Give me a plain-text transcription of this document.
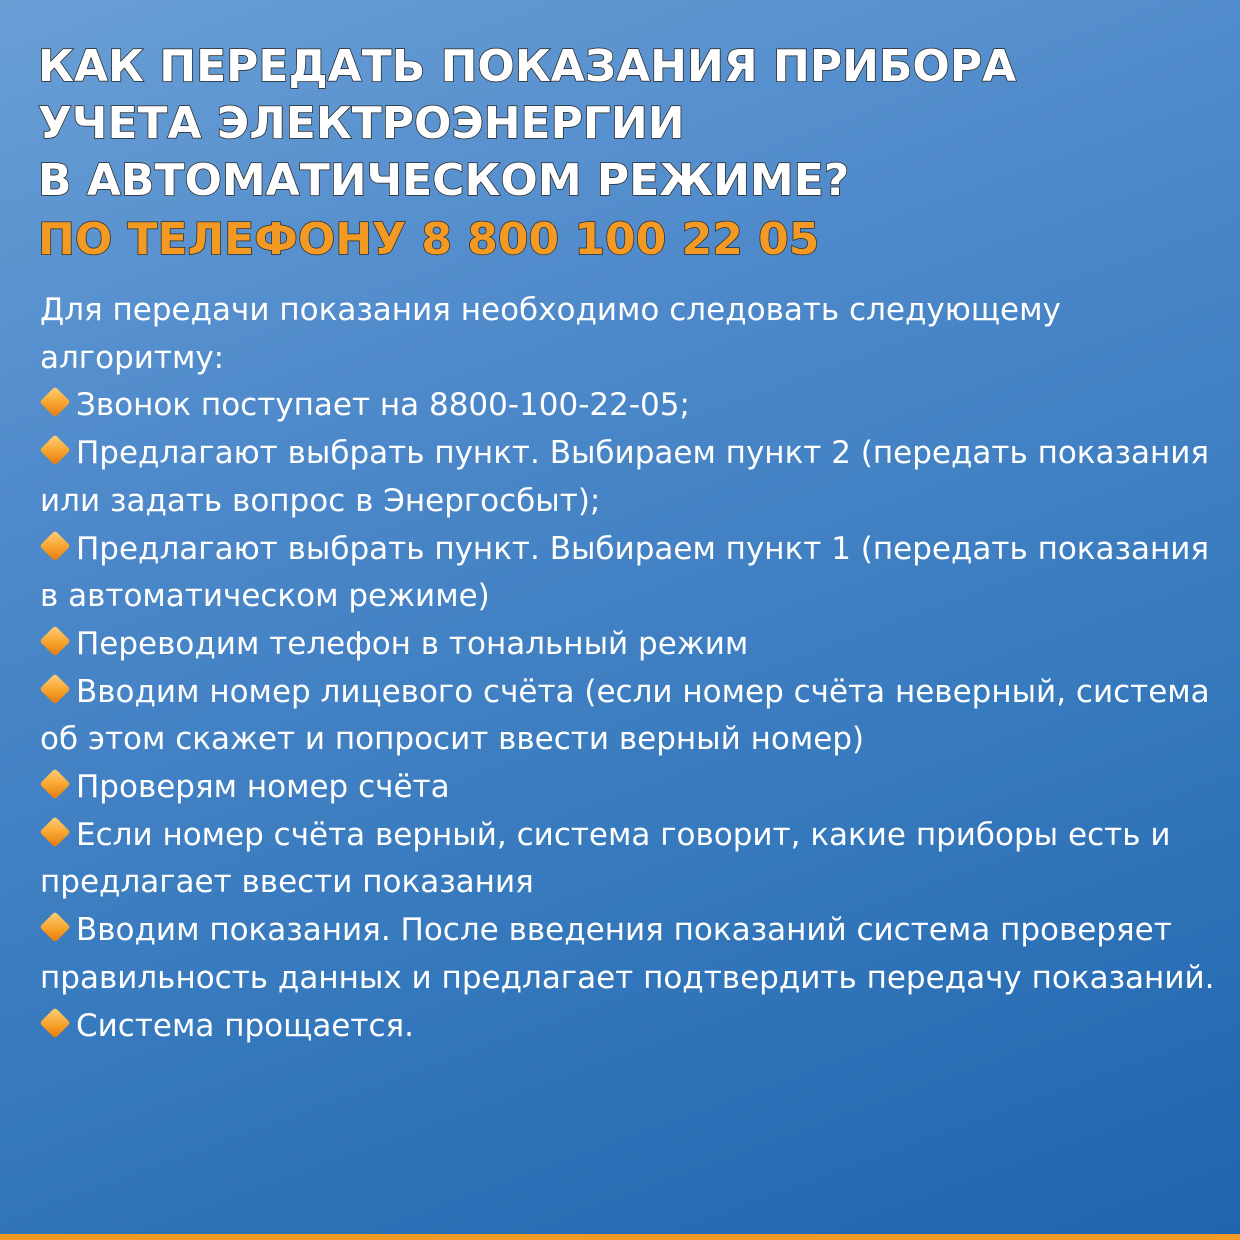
КАК ПЕРЕДАТЬ ПОКАЗАНИЯ ПРИБОРА
УЧЕТА ЭЛЕКТРОЭНЕРГИИ
В АВТОМАТИЧЕСКОМ РЕЖИМЕ?
ПО ТЕЛЕФОНУ 8 800 100 22 05

Для передачи показания необходимо следовать следующему алгоритму:

Звонок поступает на 8800-100-22-05;
Предлагают выбрать пункт. Выбираем пункт 2 (передать показания или задать вопрос в Энергосбыт);
Предлагают выбрать пункт. Выбираем пункт 1 (передать показания в автоматическом режиме)
Переводим телефон в тональный режим
Вводим номер лицевого счёта (если номер счёта неверный, система об этом скажет и попросит ввести верный номер)
Проверям номер счёта
Если номер счёта верный, система говорит, какие приборы есть и предлагает ввести показания
Вводим показания. После введения показаний система проверяет правильность данных и предлагает подтвердить передачу показаний.
Система прощается.
